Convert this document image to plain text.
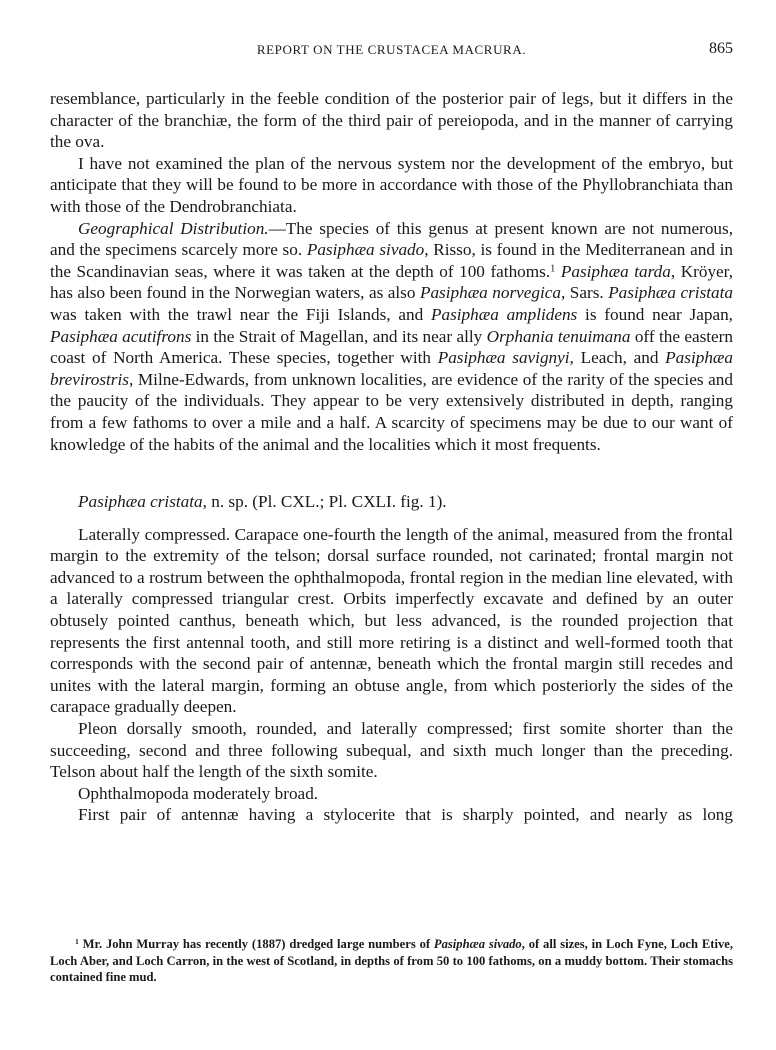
REPORT ON THE CRUSTACEA MACRURA.	865

resemblance, particularly in the feeble condition of the posterior pair of legs, but it differs in the character of the branchiæ, the form of the third pair of pereiopoda, and in the manner of carrying the ova.

I have not examined the plan of the nervous system nor the development of the embryo, but anticipate that they will be found to be more in accordance with those of the Phyllobranchiata than with those of the Dendrobranchiata.

Geographical Distribution.—The species of this genus at present known are not numerous, and the specimens scarcely more so. Pasiphæa sivado, Risso, is found in the Mediterranean and in the Scandinavian seas, where it was taken at the depth of 100 fathoms.$^1$ Pasiphæa tarda, Kröyer, has also been found in the Norwegian waters, as also Pasiphæa norvegica, Sars. Pasiphæa cristata was taken with the trawl near the Fiji Islands, and Pasiphæa amplidens is found near Japan, Pasiphæa acutifrons in the Strait of Magellan, and its near ally Orphania tenuimana off the eastern coast of North America. These species, together with Pasiphæa savignyi, Leach, and Pasiphæa brevirostris, Milne-Edwards, from unknown localities, are evidence of the rarity of the species and the paucity of the individuals. They appear to be very extensively distributed in depth, ranging from a few fathoms to over a mile and a half. A scarcity of specimens may be due to our want of knowledge of the habits of the animal and the localities which it most frequents.

Pasiphæa cristata, n. sp. (Pl. CXL.; Pl. CXLI. fig. 1).

Laterally compressed. Carapace one-fourth the length of the animal, measured from the frontal margin to the extremity of the telson; dorsal surface rounded, not carinated; frontal margin not advanced to a rostrum between the ophthalmopoda, frontal region in the median line elevated, with a laterally compressed triangular crest. Orbits imperfectly excavate and defined by an outer obtusely pointed canthus, beneath which, but less advanced, is the rounded projection that represents the first antennal tooth, and still more retiring is a distinct and well-formed tooth that corresponds with the second pair of antennæ, beneath which the frontal margin still recedes and unites with the lateral margin, forming an obtuse angle, from which posteriorly the sides of the carapace gradually deepen.

Pleon dorsally smooth, rounded, and laterally compressed; first somite shorter than the succeeding, second and three following subequal, and sixth much longer than the preceding. Telson about half the length of the sixth somite.

Ophthalmopoda moderately broad.

First pair of antennæ having a stylocerite that is sharply pointed, and nearly as long

$^1$ Mr. John Murray has recently (1887) dredged large numbers of Pasiphæa sivado, of all sizes, in Loch Fyne, Loch Etive, Loch Aber, and Loch Carron, in the west of Scotland, in depths of from 50 to 100 fathoms, on a muddy bottom. Their stomachs contained fine mud.
